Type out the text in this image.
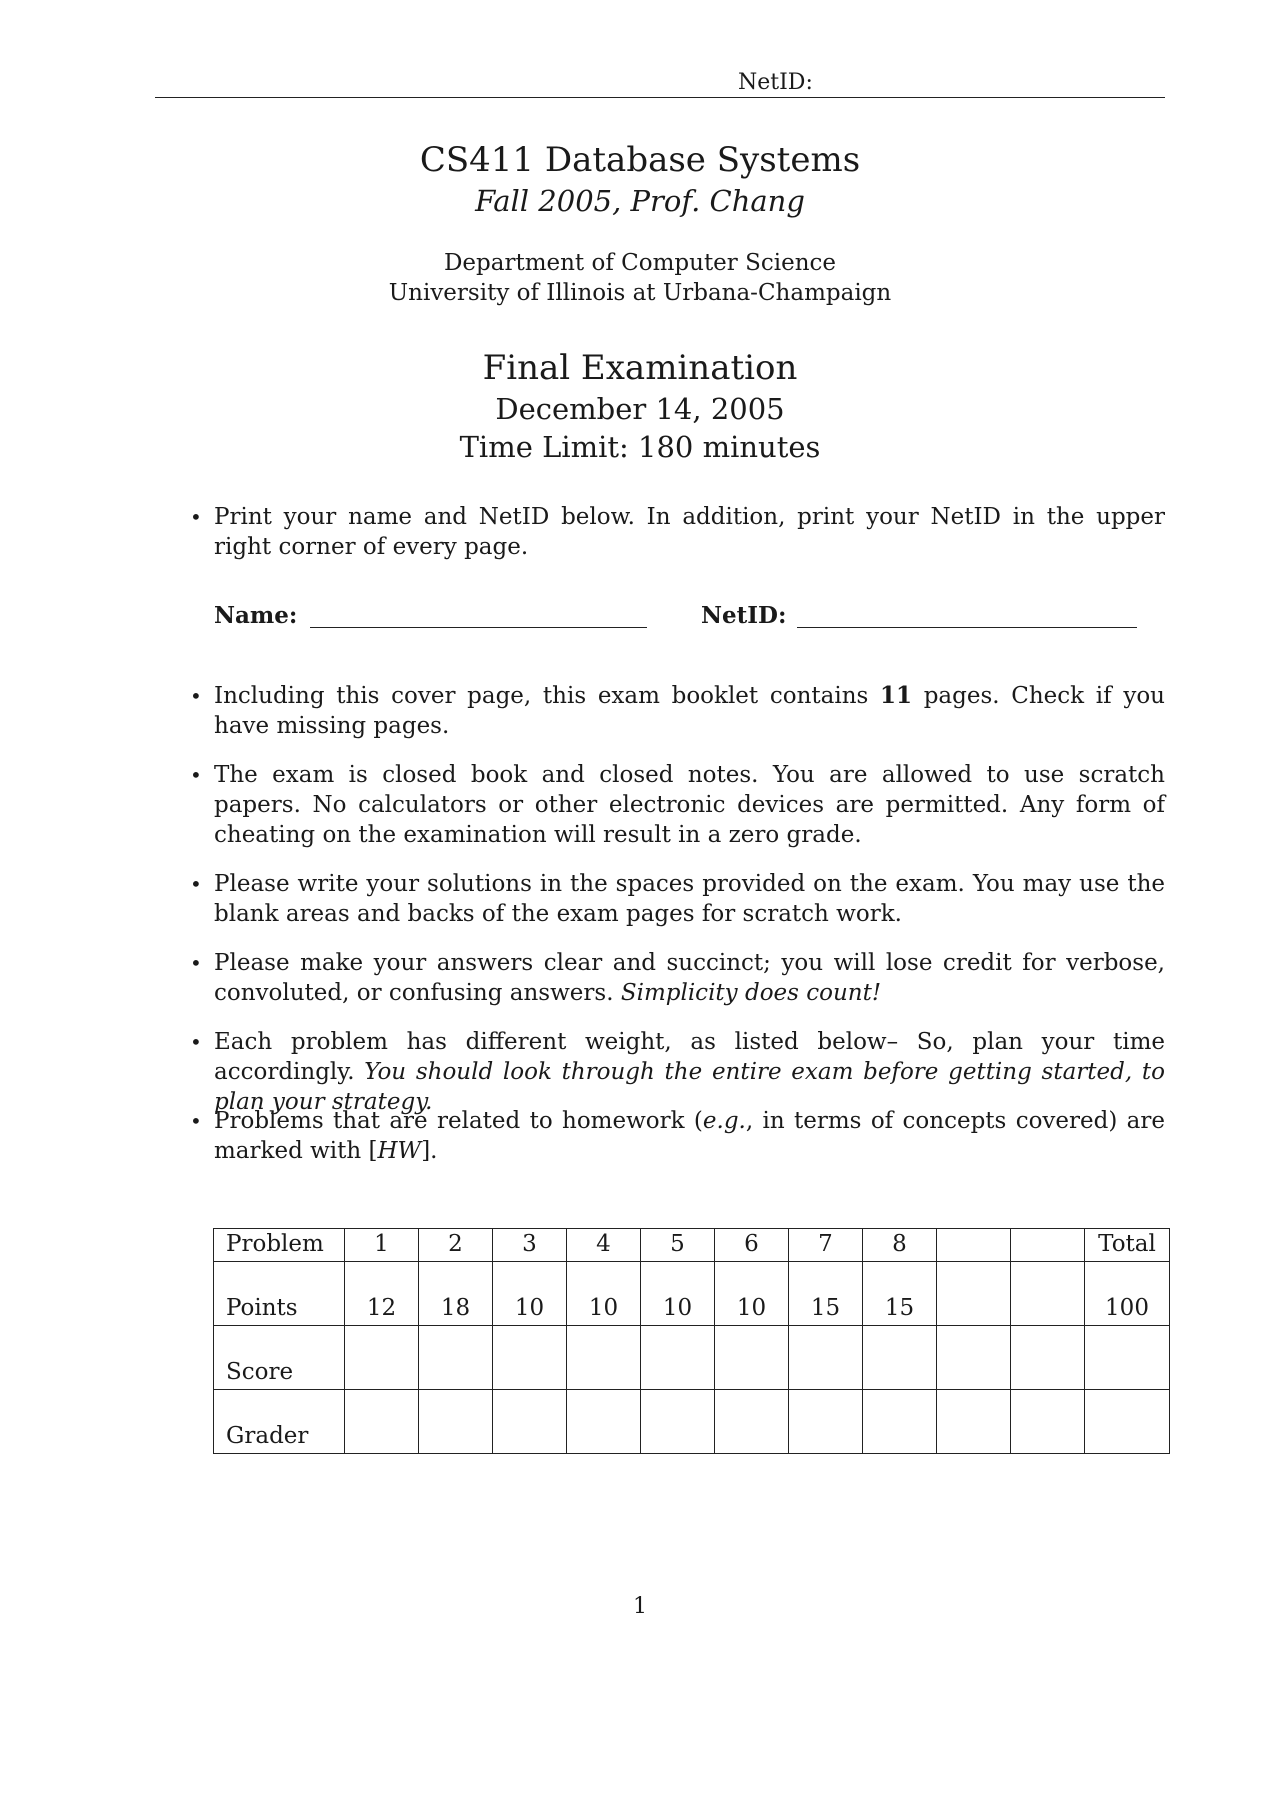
NetID:
CS411 Database Systems
Fall 2005, Prof. Chang
Department of Computer Science
University of Illinois at Urbana-Champaign
Final Examination
December 14, 2005
Time Limit: 180 minutes
• Print your name and NetID below. In addition, print your NetID in the upper right corner of every page.
Name:	NetID:
• Including this cover page, this exam booklet contains 11 pages. Check if you have missing pages.
• The exam is closed book and closed notes. You are allowed to use scratch papers. No calculators or other electronic devices are permitted. Any form of cheating on the examination will result in a zero grade.
• Please write your solutions in the spaces provided on the exam. You may use the blank areas and backs of the exam pages for scratch work.
• Please make your answers clear and succinct; you will lose credit for verbose, convoluted, or confusing answers. Simplicity does count!
• Each problem has different weight, as listed below– So, plan your time accordingly. You should look through the entire exam before getting started, to plan your strategy.
• Problems that are related to homework (e.g., in terms of concepts covered) are marked with [HW].
Problem	1	2	3	4	5	6	7	8			Total
Points	12	18	10	10	10	10	15	15			100
Score											
Grader											
1
